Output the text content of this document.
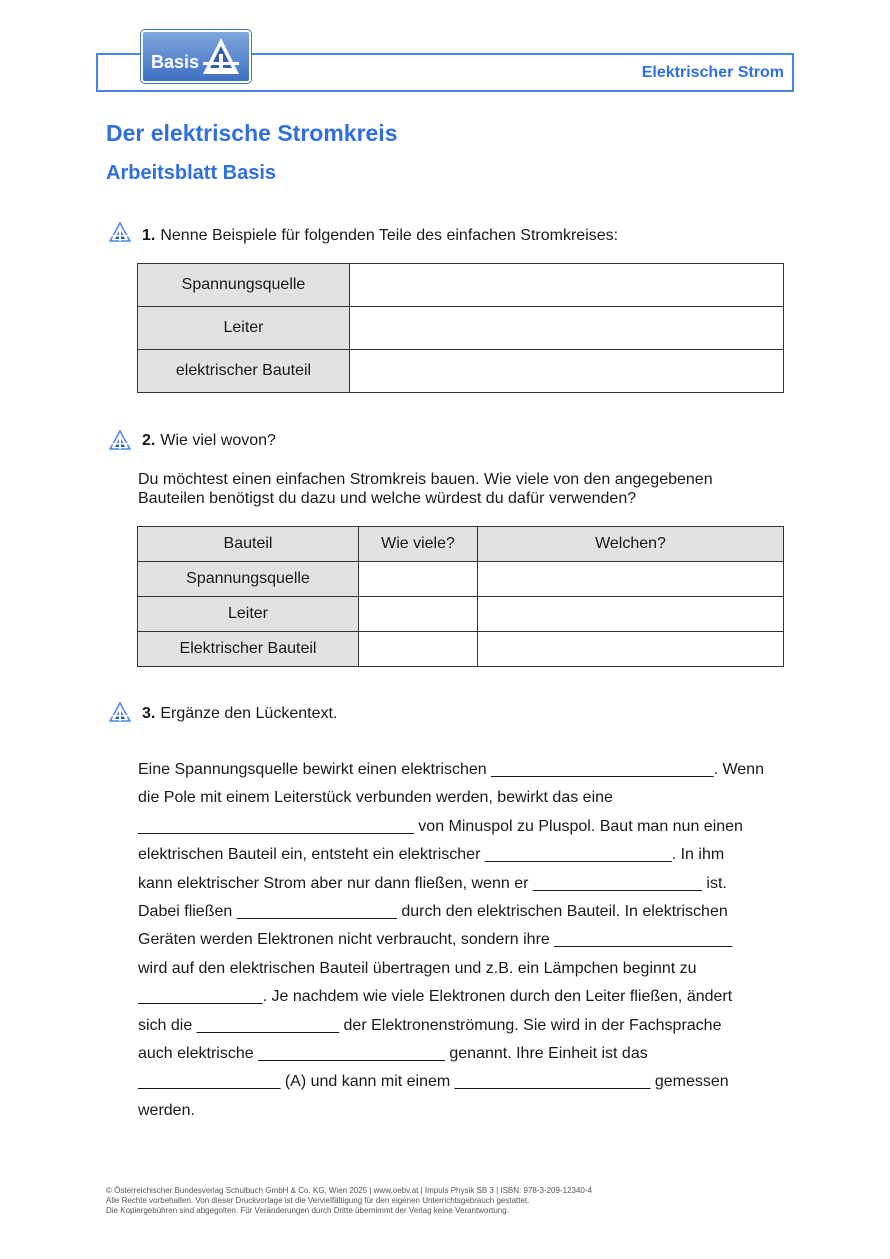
Basis
Elektrischer Strom
Der elektrische Stromkreis
Arbeitsblatt Basis
1. Nenne Beispiele für folgenden Teile des einfachen Stromkreises:
Spannungsquelle	
Leiter	
elektrischer Bauteil	
2. Wie viel wovon?
Du möchtest einen einfachen Stromkreis bauen. Wie viele von den angegebenen Bauteilen benötigst du dazu und welche würdest du dafür verwenden?
Bauteil	Wie viele?	Welchen?
Spannungsquelle		
Leiter		
Elektrischer Bauteil		
3. Ergänze den Lückentext.
Eine Spannungsquelle bewirkt einen elektrischen _________________________. Wenn
die Pole mit einem Leiterstück verbunden werden, bewirkt das eine
_______________________________ von Minuspol zu Pluspol. Baut man nun einen
elektrischen Bauteil ein, entsteht ein elektrischer _____________________. In ihm
kann elektrischer Strom aber nur dann fließen, wenn er ___________________ ist.
Dabei fließen __________________ durch den elektrischen Bauteil. In elektrischen
Geräten werden Elektronen nicht verbraucht, sondern ihre ____________________
wird auf den elektrischen Bauteil übertragen und z.B. ein Lämpchen beginnt zu
______________. Je nachdem wie viele Elektronen durch den Leiter fließen, ändert
sich die ________________ der Elektronenströmung. Sie wird in der Fachsprache
auch elektrische _____________________ genannt. Ihre Einheit ist das
________________ (A) und kann mit einem ______________________ gemessen
werden.
© Österreichischer Bundesverlag Schulbuch GmbH & Co. KG, Wien 2025 | www.oebv.at | Impuls Physik SB 3 | ISBN: 978-3-209-12340-4
Alle Rechte vorbehalten. Von dieser Druckvorlage ist die Vervielfältigung für den eigenen Unterrichtsgebrauch gestattet.
Die Kopiergebühren sind abgegolten. Für Veränderungen durch Dritte übernimmt der Verlag keine Verantwortung.
